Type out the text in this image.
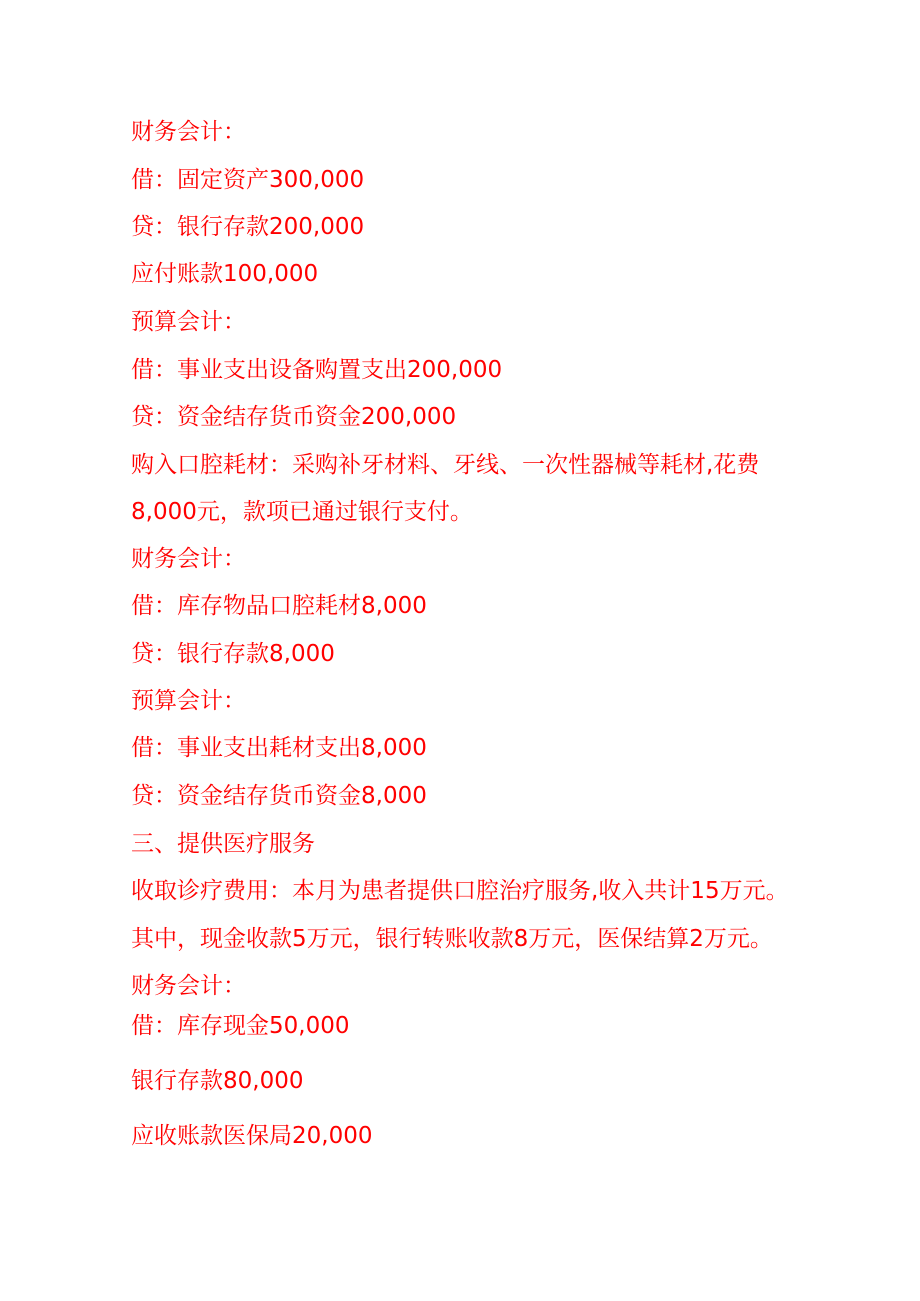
财务会计：
借：固定资产300,000
贷：银行存款200,000
应付账款100,000
预算会计：
借：事业支出设备购置支出200,000
贷：资金结存货币资金200,000
购入口腔耗材：采购补牙材料、牙线、一次性器械等耗材,花费
8,000元，款项已通过银行支付。
财务会计：
借：库存物品口腔耗材8,000
贷：银行存款8,000
预算会计：
借：事业支出耗材支出8,000
贷：资金结存货币资金8,000
三、提供医疗服务
收取诊疗费用：本月为患者提供口腔治疗服务,收入共计15万元。
其中，现金收款5万元，银行转账收款8万元，医保结算2万元。
财务会计：
借：库存现金50,000
银行存款80,000
应收账款医保局20,000
